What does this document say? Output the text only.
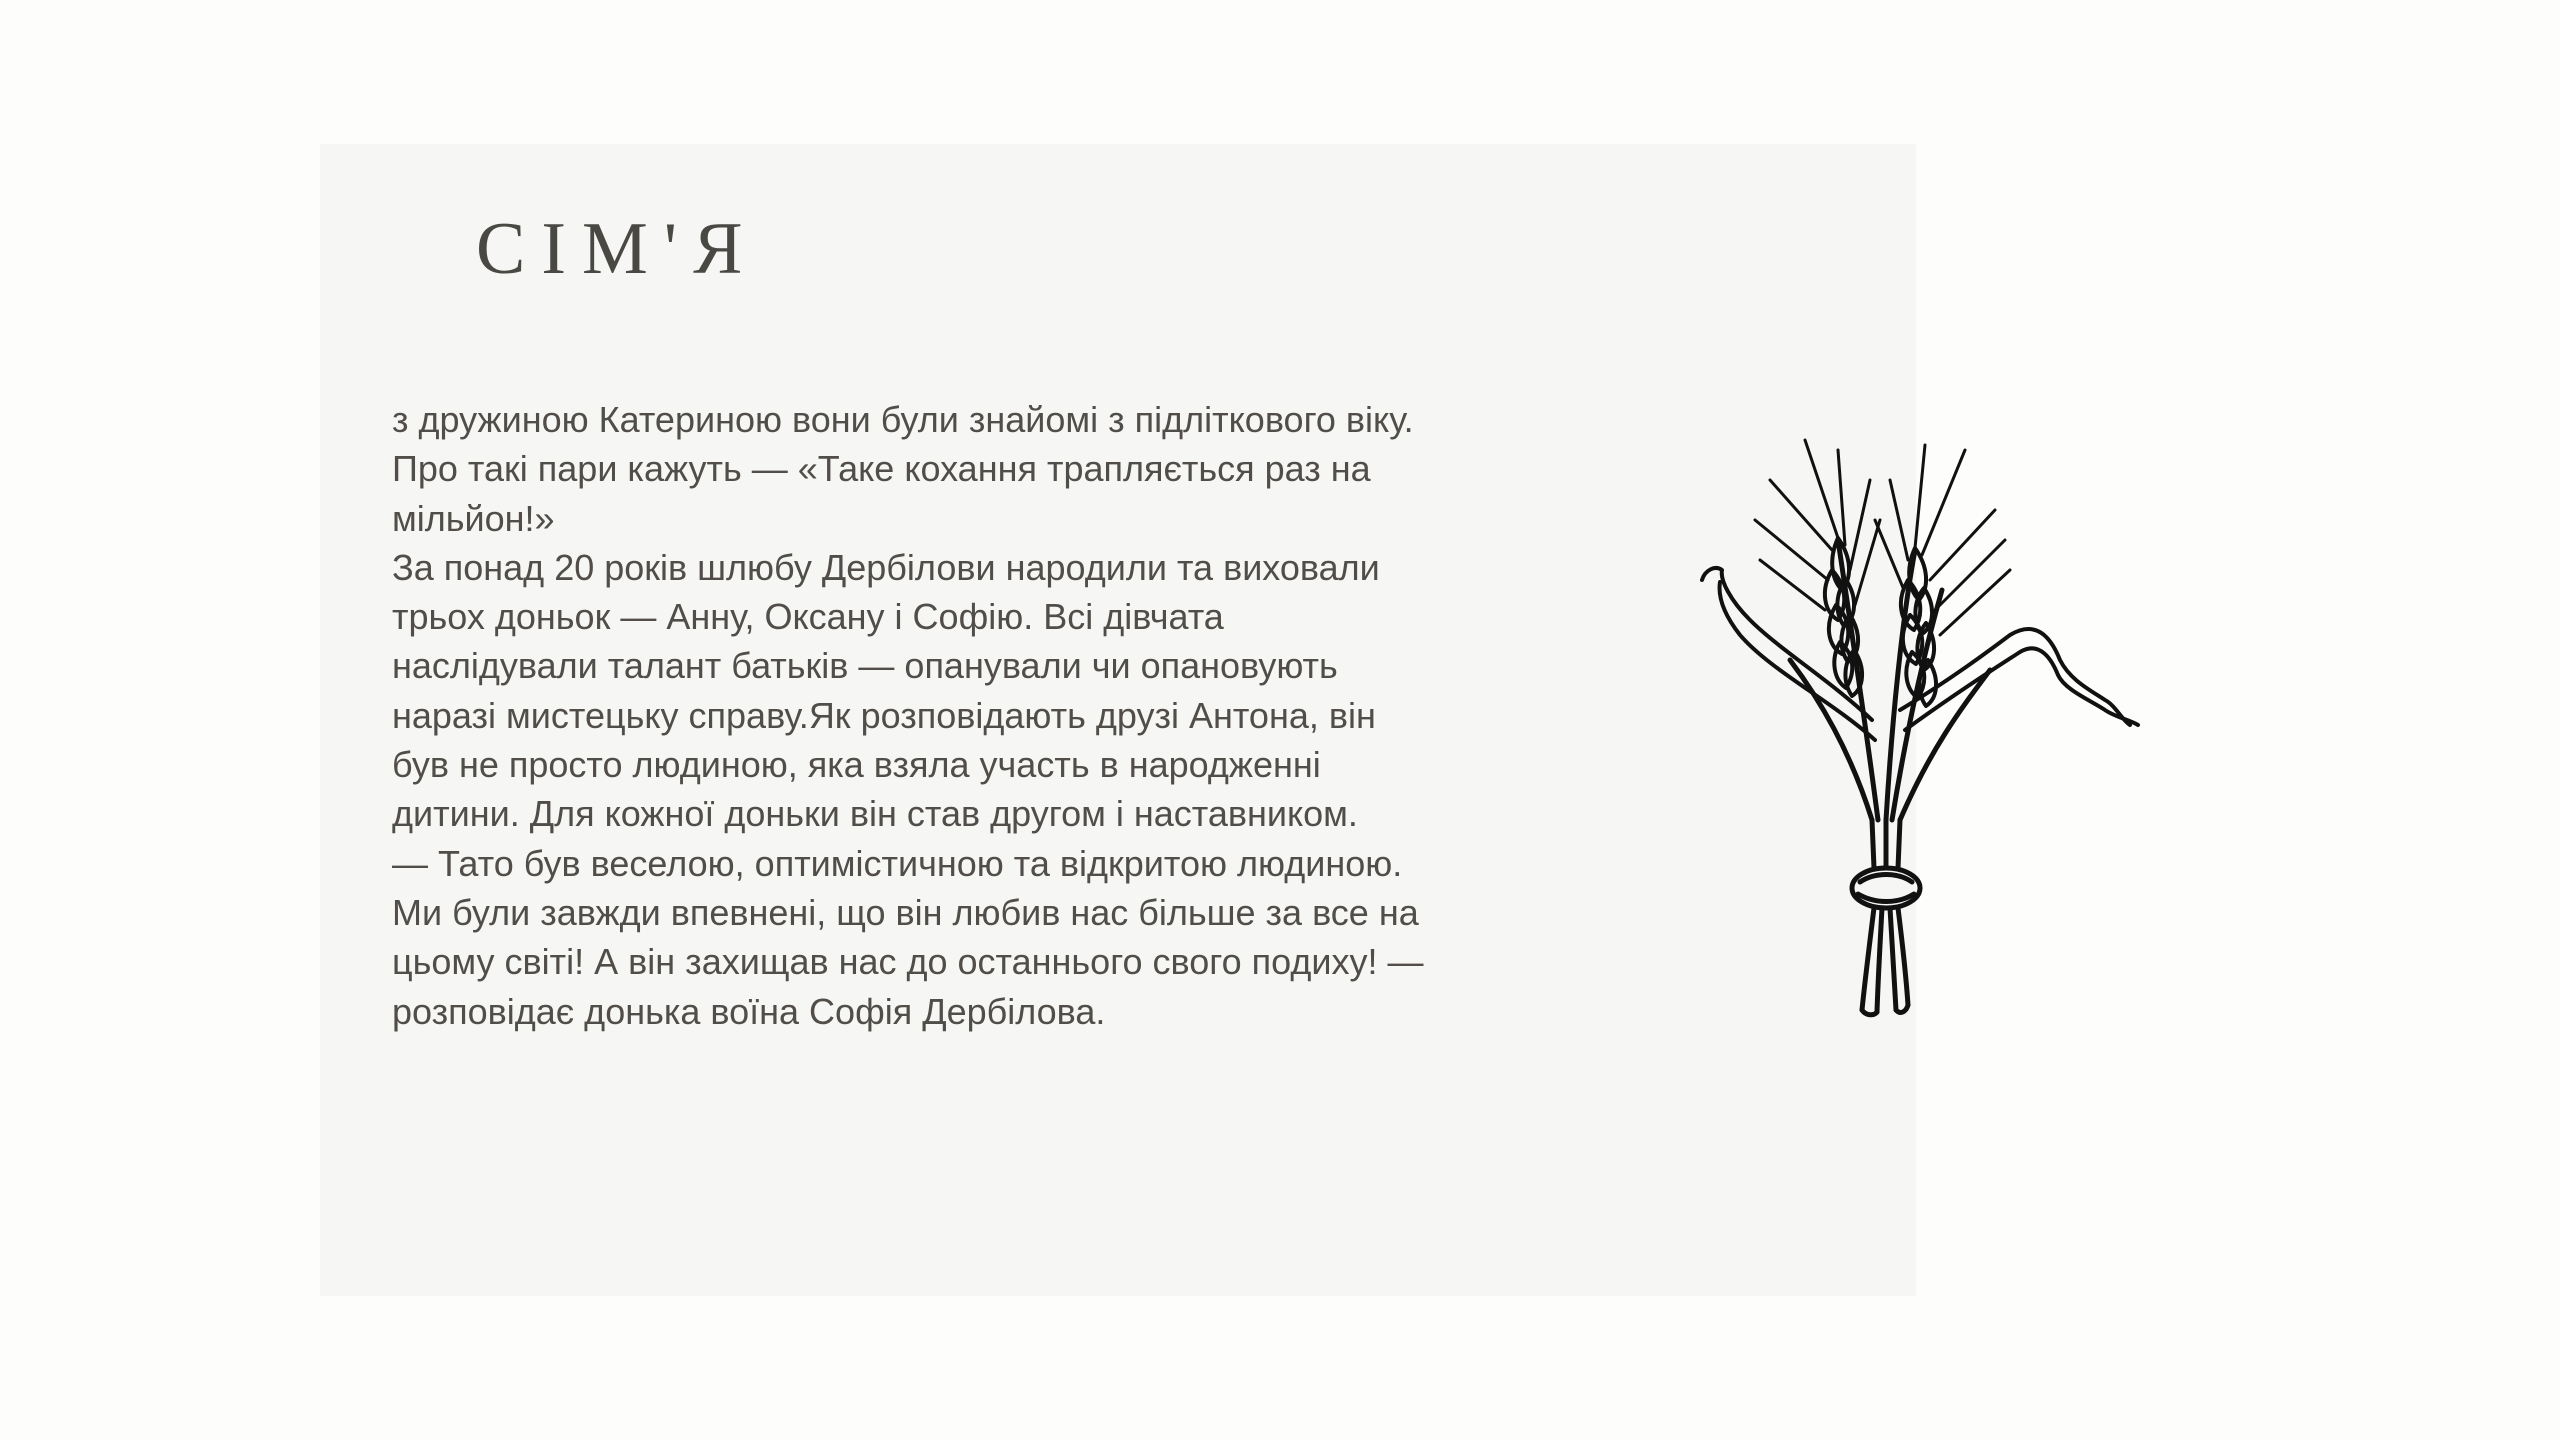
СІМ'Я

з дружиною Катериною вони були знайомі з підліткового віку. Про такі пари кажуть — «Таке кохання трапляється раз на мільйон!»

За понад 20 років шлюбу Дербілови народили та виховали трьох доньок — Анну, Оксану і Софію. Всі дівчата наслідували талант батьків — опанували чи опановують наразі мистецьку справу.Як розповідають друзі Антона, він був не просто людиною, яка взяла участь в народженні дитини. Для кожної доньки він став другом і наставником.

— Тато був веселою, оптимістичною та відкритою людиною. Ми були завжди впевнені, що він любив нас більше за все на цьому світі! А він захищав нас до останнього свого подиху! — розповідає донька воїна Софія Дербілова.
